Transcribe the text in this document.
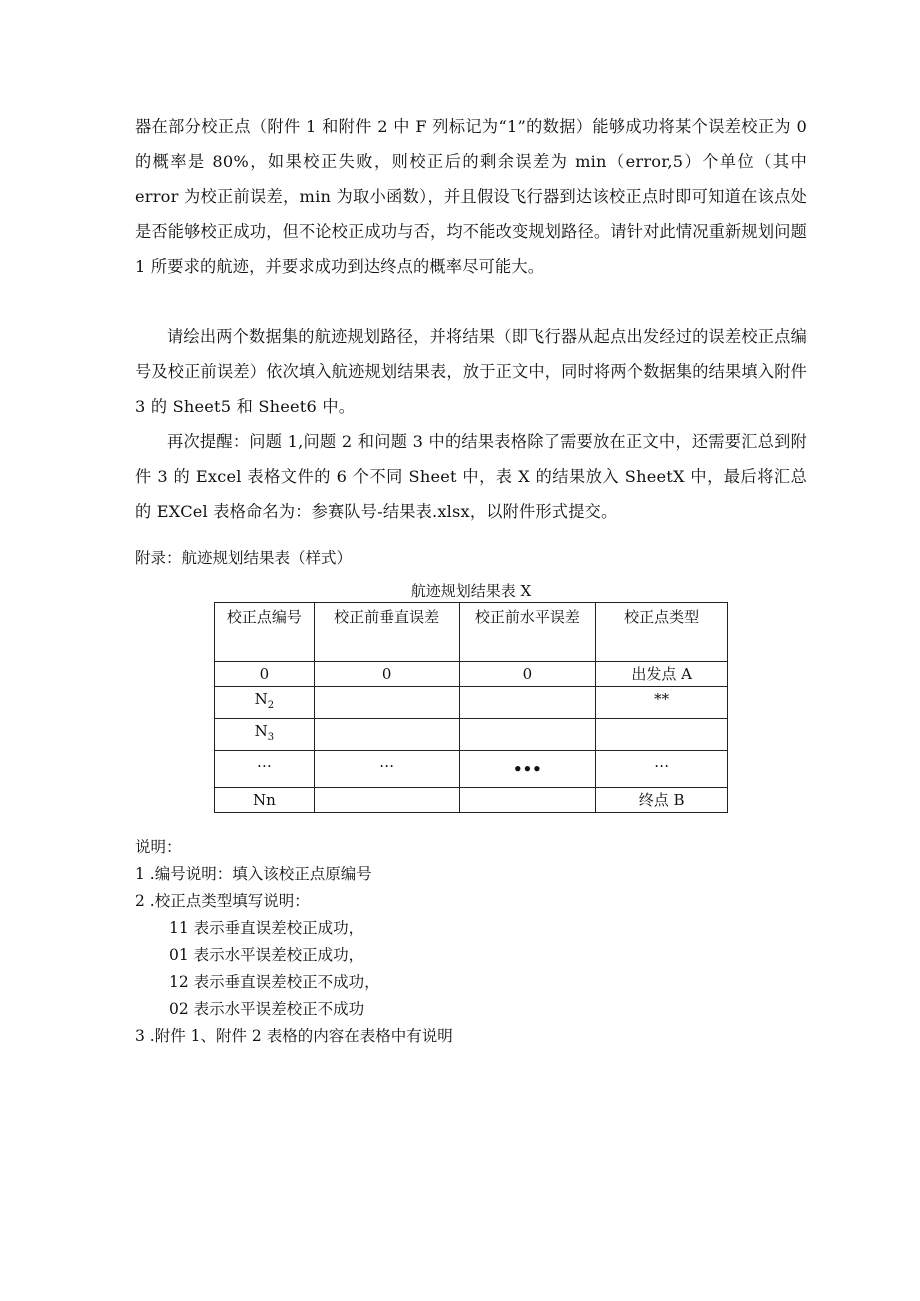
器在部分校正点（附件 1 和附件 2 中 F 列标记为“1”的数据）能够成功将某个误差校正为 0 的概率是 80%，如果校正失败，则校正后的剩余误差为 min（error,5）个单位（其中 error 为校正前误差，min 为取小函数），并且假设飞行器到达该校正点时即可知道在该点处是否能够校正成功，但不论校正成功与否，均不能改变规划路径。请针对此情况重新规划问题 1 所要求的航迹，并要求成功到达终点的概率尽可能大。
请绘出两个数据集的航迹规划路径，并将结果（即飞行器从起点出发经过的误差校正点编号及校正前误差）依次填入航迹规划结果表，放于正文中，同时将两个数据集的结果填入附件 3 的 Sheet5 和 Sheet6 中。
再次提醒：问题 1,问题 2 和问题 3 中的结果表格除了需要放在正文中，还需要汇总到附件 3 的 Excel 表格文件的 6 个不同 Sheet 中，表 X 的结果放入 SheetX 中，最后将汇总的 EXCel 表格命名为：参赛队号-结果表.xlsx，以附件形式提交。
附录：航迹规划结果表（样式）
航迹规划结果表 X
校正点编号	校正前垂直误差	校正前水平误差	校正点类型
0	0	0	出发点 A
$N_2$			**
$N_3$			
…	…	•••	…
Nn			终点 B
说明：
1 .编号说明：填入该校正点原编号
2 .校正点类型填写说明：
11 表示垂直误差校正成功，
01 表示水平误差校正成功，
12 表示垂直误差校正不成功，
02 表示水平误差校正不成功
3 .附件 1、附件 2 表格的内容在表格中有说明
